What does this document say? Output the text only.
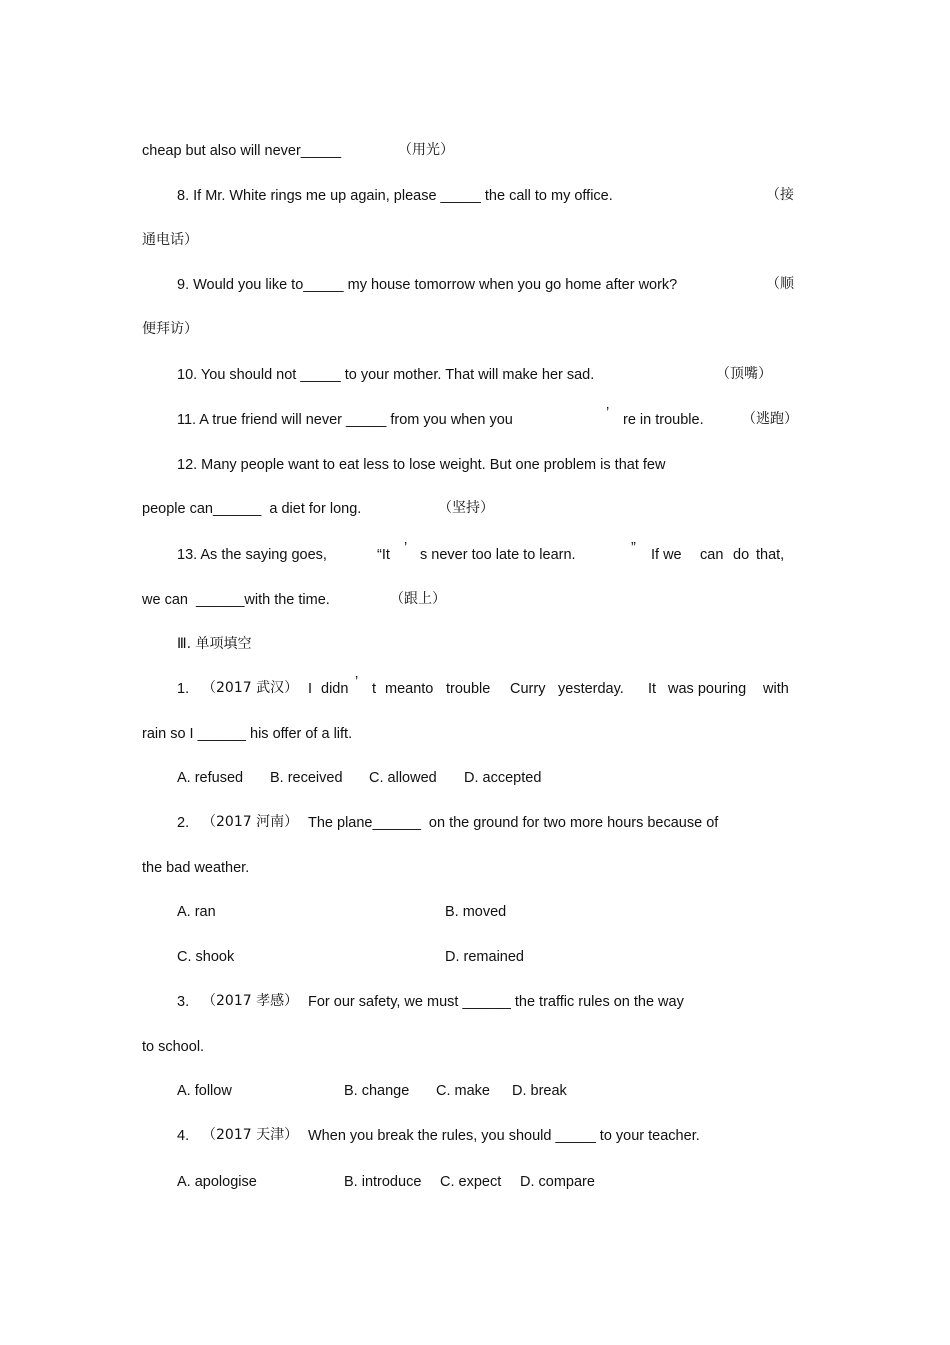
cheap but also will never_____	（用光）
8. If Mr. White rings me up again, please _____ the call to my office.	（接
通电话）
9. Would you like to_____ my house tomorrow when you go home after work?	（顺
便拜访）
10. You should not _____ to your mother. That will make her sad.	（顶嘴）
11. A true friend will never _____ from you when you	’ re in trouble.	（逃跑）
12. Many people want to eat less to lose weight. But one problem is that few
people can______  a diet for long.	（坚持）
13. As the saying goes,	“It ’ s never too late to learn.	” If we can do that,
we can  ______with the time.	（跟上）
Ⅲ. 单项填空
1. （2017 武汉） I didn ’ t meanto trouble Curry yesterday. It was pouring with
rain so I ______ his offer of a lift.
A. refused B. received C. allowed D. accepted
2. （2017 河南） The plane______  on the ground for two more hours because of
the bad weather.
A. ran	B. moved
C. shook	D. remained
3. （2017 孝感） For our safety, we must ______ the traffic rules on the way
to school.
A. follow	B. change C. make D. break
4. （2017 天津） When you break the rules, you should _____ to your teacher.
A. apologise	B. introduce C. expect D. compare
